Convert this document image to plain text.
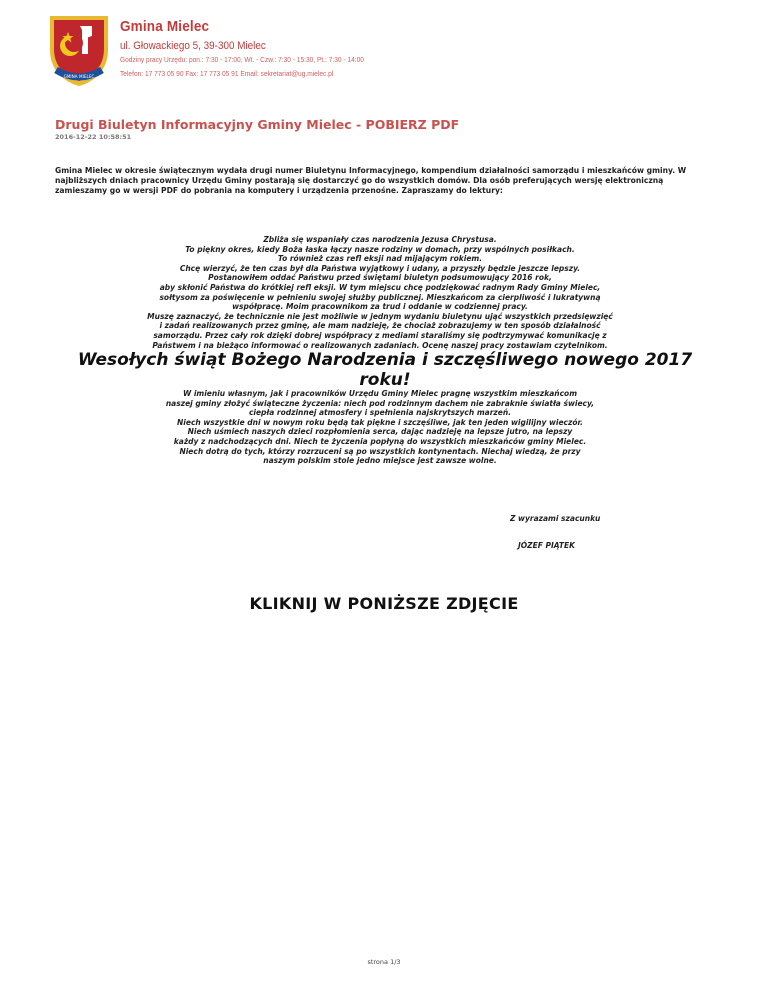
GMINA MIELEC
Gmina Mielec
ul. Głowackiego 5, 39-300 Mielec
Godziny pracy Urzędu: pon.: 7:30 - 17:00, Wt. - Czw.: 7:30 - 15:30, Pt.: 7:30 - 14:00
Telefon: 17 773 05 90 Fax: 17 773 05 91 Email: sekretariat@ug.mielec.pl
Drugi Biuletyn Informacyjny Gminy Mielec - POBIERZ PDF
2016-12-22 10:58:51
Gmina Mielec w okresie świątecznym wydała drugi numer Biuletynu Informacyjnego, kompendium działalności samorządu i mieszkańców gminy. W najbliższych dniach pracownicy Urzędu Gminy postarają się dostarczyć go do wszystkich domów. Dla osób preferujących wersję elektroniczną zamieszamy go w wersji PDF do pobrania na komputery i urządzenia przenośne. Zapraszamy do lektury:
Zbliża się wspaniały czas narodzenia Jezusa Chrystusa.
To piękny okres, kiedy Boża łaska łączy nasze rodziny w domach, przy wspólnych posiłkach.
To również czas refl eksji nad mijającym rokiem.
Chcę wierzyć, że ten czas był dla Państwa wyjątkowy i udany, a przyszły będzie jeszcze lepszy.
Postanowiłem oddać Państwu przed świętami biuletyn podsumowujący 2016 rok,
aby skłonić Państwa do krótkiej refl eksji. W tym miejscu chcę podziękować radnym Rady Gminy Mielec,
sołtysom za poświęcenie w pełnieniu swojej służby publicznej. Mieszkańcom za cierpliwość i lukratywną
współpracę. Moim pracownikom za trud i oddanie w codziennej pracy.
Muszę zaznaczyć, że technicznie nie jest możliwie w jednym wydaniu biuletynu ująć wszystkich przedsięwzięć
i zadań realizowanych przez gminę, ale mam nadzieję, że chociaż zobrazujemy w ten sposób działalność
samorządu. Przez cały rok dzięki dobrej współpracy z mediami staraliśmy się podtrzymywać komunikację z
Państwem i na bieżąco informować o realizowanych zadaniach. Ocenę naszej pracy zostawiam czytelnikom.
Wesołych świąt Bożego Narodzenia i szczęśliwego nowego 2017
roku!
W imieniu własnym, jak i pracowników Urzędu Gminy Mielec pragnę wszystkim mieszkańcom
naszej gminy złożyć świąteczne życzenia: niech pod rodzinnym dachem nie zabraknie światła świecy,
ciepła rodzinnej atmosfery i spełnienia najskrytszych marzeń.
Niech wszystkie dni w nowym roku będą tak piękne i szczęśliwe, jak ten jeden wigilijny wieczór.
Niech uśmiech naszych dzieci rozpłomienia serca, dając nadzieję na lepsze jutro, na lepszy
każdy z nadchodzących dni. Niech te życzenia popłyną do wszystkich mieszkańców gminy Mielec.
Niech dotrą do tych, którzy rozrzuceni są po wszystkich kontynentach. Niechaj wiedzą, że przy
naszym polskim stole jedno miejsce jest zawsze wolne.
Z wyrazami szacunku
JÓZEF PIĄTEK
KLIKNIJ W PONIŻSZE ZDJĘCIE
strona 1/3
